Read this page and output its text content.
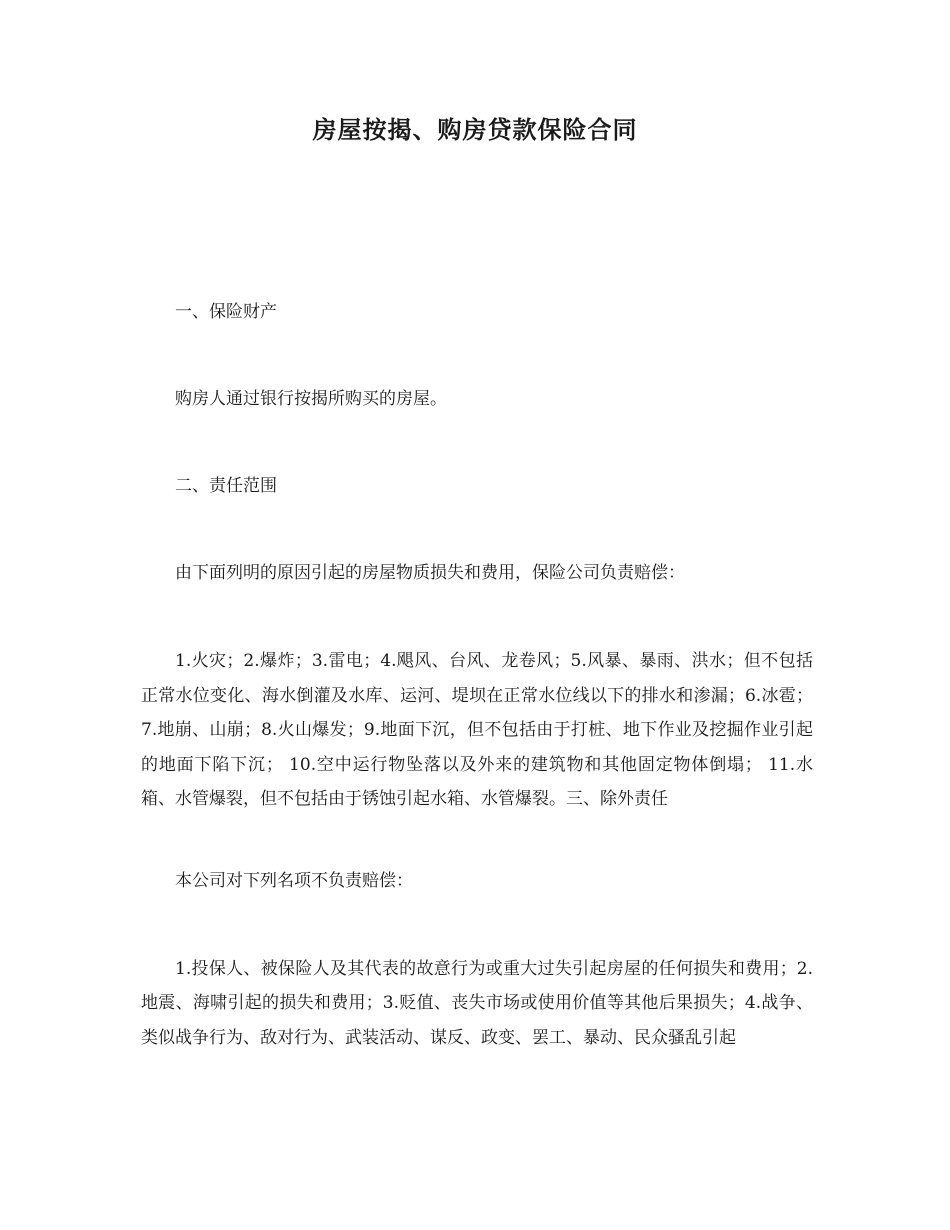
房屋按揭、购房贷款保险合同

一、保险财产

购房人通过银行按揭所购买的房屋。

二、责任范围

由下面列明的原因引起的房屋物质损失和费用，保险公司负责赔偿：

1.火灾；2.爆炸；3.雷电；4.飓风、台风、龙卷风；5.风暴、暴雨、洪水；但不包括正常水位变化、海水倒灌及水库、运河、堤坝在正常水位线以下的排水和渗漏；6.冰雹；7.地崩、山崩；8.火山爆发；9.地面下沉，但不包括由于打桩、地下作业及挖掘作业引起的地面下陷下沉； 10.空中运行物坠落以及外来的建筑物和其他固定物体倒塌； 11.水箱、水管爆裂，但不包括由于锈蚀引起水箱、水管爆裂。三、除外责任

本公司对下列名项不负责赔偿：

1.投保人、被保险人及其代表的故意行为或重大过失引起房屋的任何损失和费用；2.地震、海啸引起的损失和费用；3.贬值、丧失市场或使用价值等其他后果损失；4.战争、类似战争行为、敌对行为、武装活动、谋反、政变、罢工、暴动、民众骚乱引起
